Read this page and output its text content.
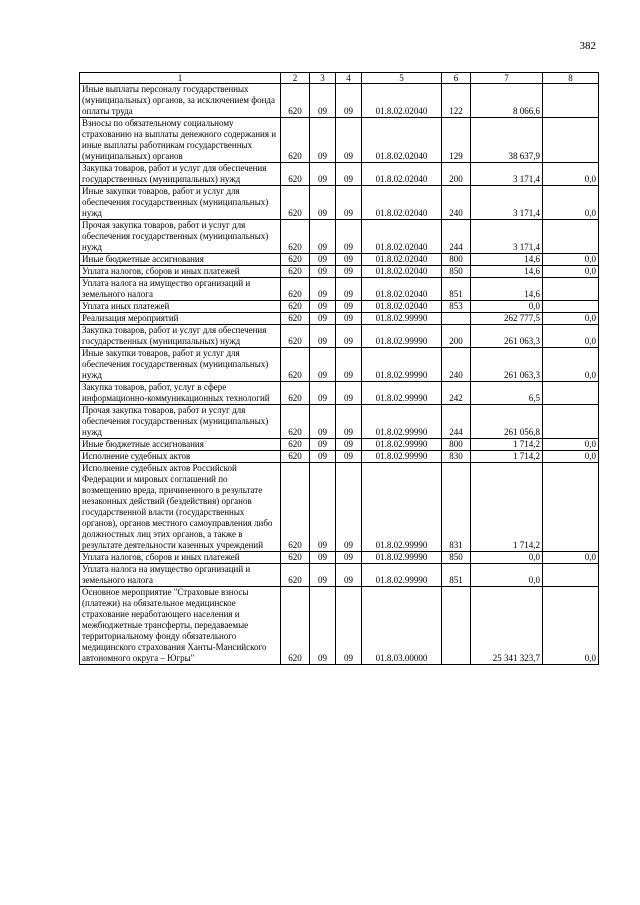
382
1	2	3	4	5	6	7	8
Иные выплаты персоналу государственных (муниципальных) органов, за исключением фонда оплаты труда	620	09	09	01.8.02.02040	122	8 066,6	
Взносы по обязательному социальному страхованию на выплаты денежного содержания и иные выплаты работникам государственных (муниципальных) органов	620	09	09	01.8.02.02040	129	38 637,9	
Закупка товаров, работ и услуг для обеспечения государственных (муниципальных) нужд	620	09	09	01.8.02.02040	200	3 171,4	0,0
Иные закупки товаров, работ и услуг для обеспечения государственных (муниципальных) нужд	620	09	09	01.8.02.02040	240	3 171,4	0,0
Прочая закупка товаров, работ и услуг для обеспечения государственных (муниципальных) нужд	620	09	09	01.8.02.02040	244	3 171,4	
Иные бюджетные ассигнования	620	09	09	01.8.02.02040	800	14,6	0,0
Уплата налогов, сборов и иных платежей	620	09	09	01.8.02.02040	850	14,6	0,0
Уплата налога на имущество организаций и земельного налога	620	09	09	01.8.02.02040	851	14,6	
Уплата иных платежей	620	09	09	01.8.02.02040	853	0,0	
Реализация мероприятий	620	09	09	01.8.02.99990		262 777,5	0,0
Закупка товаров, работ и услуг для обеспечения государственных (муниципальных) нужд	620	09	09	01.8.02.99990	200	261 063,3	0,0
Иные закупки товаров, работ и услуг для обеспечения государственных (муниципальных) нужд	620	09	09	01.8.02.99990	240	261 063,3	0,0
Закупка товаров, работ, услуг в сфере информационно-коммуникационных технологий	620	09	09	01.8.02.99990	242	6,5	
Прочая закупка товаров, работ и услуг для обеспечения государственных (муниципальных) нужд	620	09	09	01.8.02.99990	244	261 056,8	
Иные бюджетные ассигнования	620	09	09	01.8.02.99990	800	1 714,2	0,0
Исполнение судебных актов	620	09	09	01.8.02.99990	830	1 714,2	0,0
Исполнение судебных актов Российской Федерации и мировых соглашений по возмещению вреда, причиненного в результате незаконных действий (бездействия) органов государственной власти (государственных органов), органов местного самоуправления либо должностных лиц этих органов, а также в результате деятельности казенных учреждений	620	09	09	01.8.02.99990	831	1 714,2	
Уплата налогов, сборов и иных платежей	620	09	09	01.8.02.99990	850	0,0	0,0
Уплата налога на имущество организаций и земельного налога	620	09	09	01.8.02.99990	851	0,0	
Основное мероприятие "Страховые взносы (платежи) на обязательное медицинское страхование неработающего населения и межбюджетные трансферты, передаваемые территориальному фонду обязательного медицинского страхования Ханты-Мансийского автономного округа – Югры"	620	09	09	01.8.03.00000		25 341 323,7	0,0
